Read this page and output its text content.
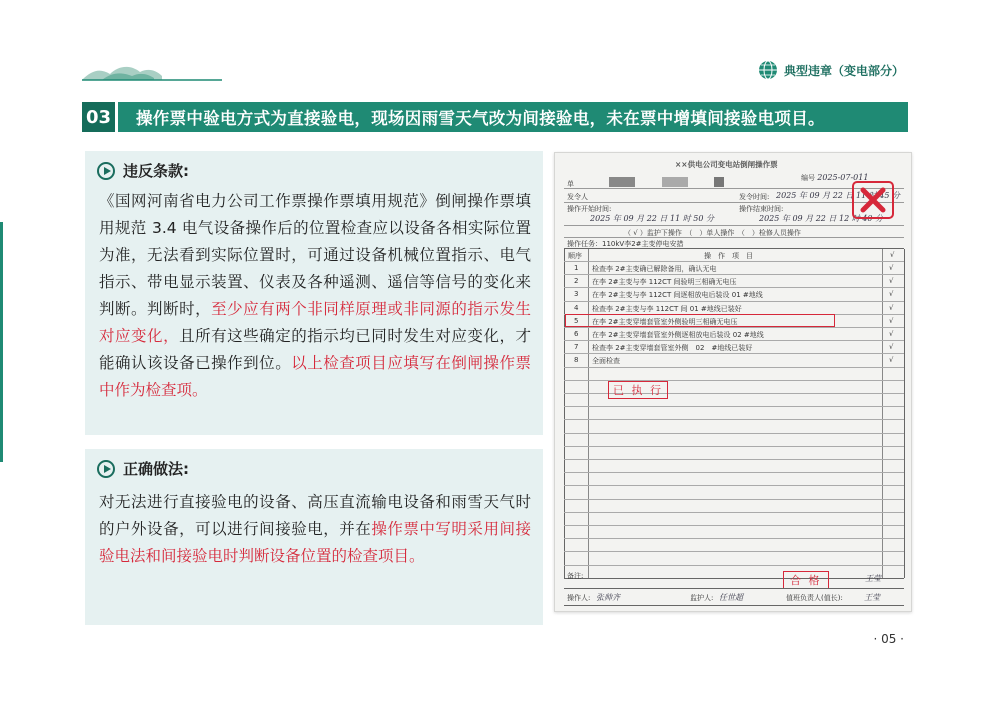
典型违章（变电部分）
03	操作票中验电方式为直接验电，现场因雨雪天气改为间接验电，未在票中增填间接验电项目。
违反条款:
《国网河南省电力公司工作票操作票填用规范》倒闸操作票填用规范 3.4 电气设备操作后的位置检查应以设备各相实际位置为准，无法看到实际位置时，可通过设备机械位置指示、电气指示、带电显示装置、仪表及各种遥测、遥信等信号的变化来判断。判断时，至少应有两个非同样原理或非同源的指示发生对应变化，且所有这些确定的指示均已同时发生对应变化，才能确认该设备已操作到位。以上检查项目应填写在倒闸操作票中作为检查项。
正确做法:
对无法进行直接验电的设备、高压直流输电设备和雨雪天气时的户外设备，可以进行间接验电，并在操作票中写明采用间接验电法和间接验电时判断设备位置的检查项目。
××供电公司变电站倒闸操作票
编号 2025-07-011
单
发令人	发令时间: 2025 年 09 月 22 日 11 时 45 分
操作开始时间:
2025 年 09 月 22 日 11 时 50 分
操作结束时间:
2025 年 09 月 22 日 12 时 40 分
（ √ ）监护下操作　（　）单人操作　（　）检修人员操作
操作任务：110kV李2#主变停电安措
顺序	操　作　项　目	√
1 检查李 2#主变确已解除备用，确认无电	√
2 在李 2#主变与李 112CT 间验明三相确无电压	√
3 在李 2#主变与李 112CT 间逐相放电后装设 01 #地线	√
4 检查李 2#主变与李 112CT 间 01 #地线已装好	√
5 在李 2#主变穿墙套管室外侧验明三相确无电压	√
6 在李 2#主变穿墙套管室外侧逐相放电后装设 02 #地线	√
7 检查李 2#主变穿墙套管室外侧　02　#地线已装好	√
8 全面检查	√
已 执 行
备注:	合 格	王莹
操作人: 张帅齐	监护人: 任世超	值班负责人(值长):	王莹
· 05 ·
